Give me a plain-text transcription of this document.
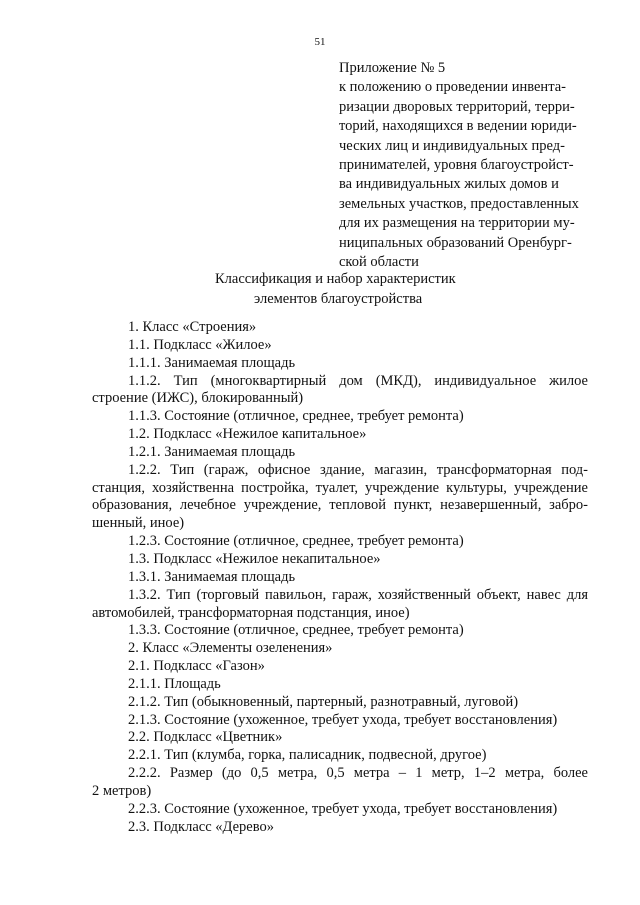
51
Приложение № 5
к положению о проведении инвента-
ризации дворовых территорий, терри-
торий, находящихся в ведении юриди-
ческих лиц и индивидуальных пред-
принимателей, уровня благоустройст-
ва индивидуальных жилых домов и
земельных участков, предоставленных
для их размещения на территории му-
ниципальных образований Оренбург-
ской области
Классификация и набор характеристик
элементов благоустройства
1. Класс «Строения»
1.1. Подкласс «Жилое»
1.1.1. Занимаемая площадь
1.1.2. Тип (многоквартирный дом (МКД), индивидуальное жилое
строение (ИЖС), блокированный)
1.1.3. Состояние (отличное, среднее, требует ремонта)
1.2. Подкласс «Нежилое капитальное»
1.2.1. Занимаемая площадь
1.2.2. Тип (гараж, офисное здание, магазин, трансформаторная под-
станция, хозяйственна постройка, туалет, учреждение культуры, учреждение
образования, лечебное учреждение, тепловой пункт, незавершенный, забро-
шенный, иное)
1.2.3. Состояние (отличное, среднее, требует ремонта)
1.3. Подкласс «Нежилое некапитальное»
1.3.1. Занимаемая площадь
1.3.2. Тип (торговый павильон, гараж, хозяйственный объект, навес для
автомобилей, трансформаторная подстанция, иное)
1.3.3. Состояние (отличное, среднее, требует ремонта)
2. Класс «Элементы озеленения»
2.1. Подкласс «Газон»
2.1.1. Площадь
2.1.2. Тип (обыкновенный, партерный, разнотравный, луговой)
2.1.3. Состояние (ухоженное, требует ухода, требует восстановления)
2.2. Подкласс «Цветник»
2.2.1. Тип (клумба, горка, палисадник, подвесной, другое)
2.2.2. Размер (до 0,5 метра, 0,5 метра – 1 метр, 1–2 метра, более
2 метров)
2.2.3. Состояние (ухоженное, требует ухода, требует восстановления)
2.3. Подкласс «Дерево»
